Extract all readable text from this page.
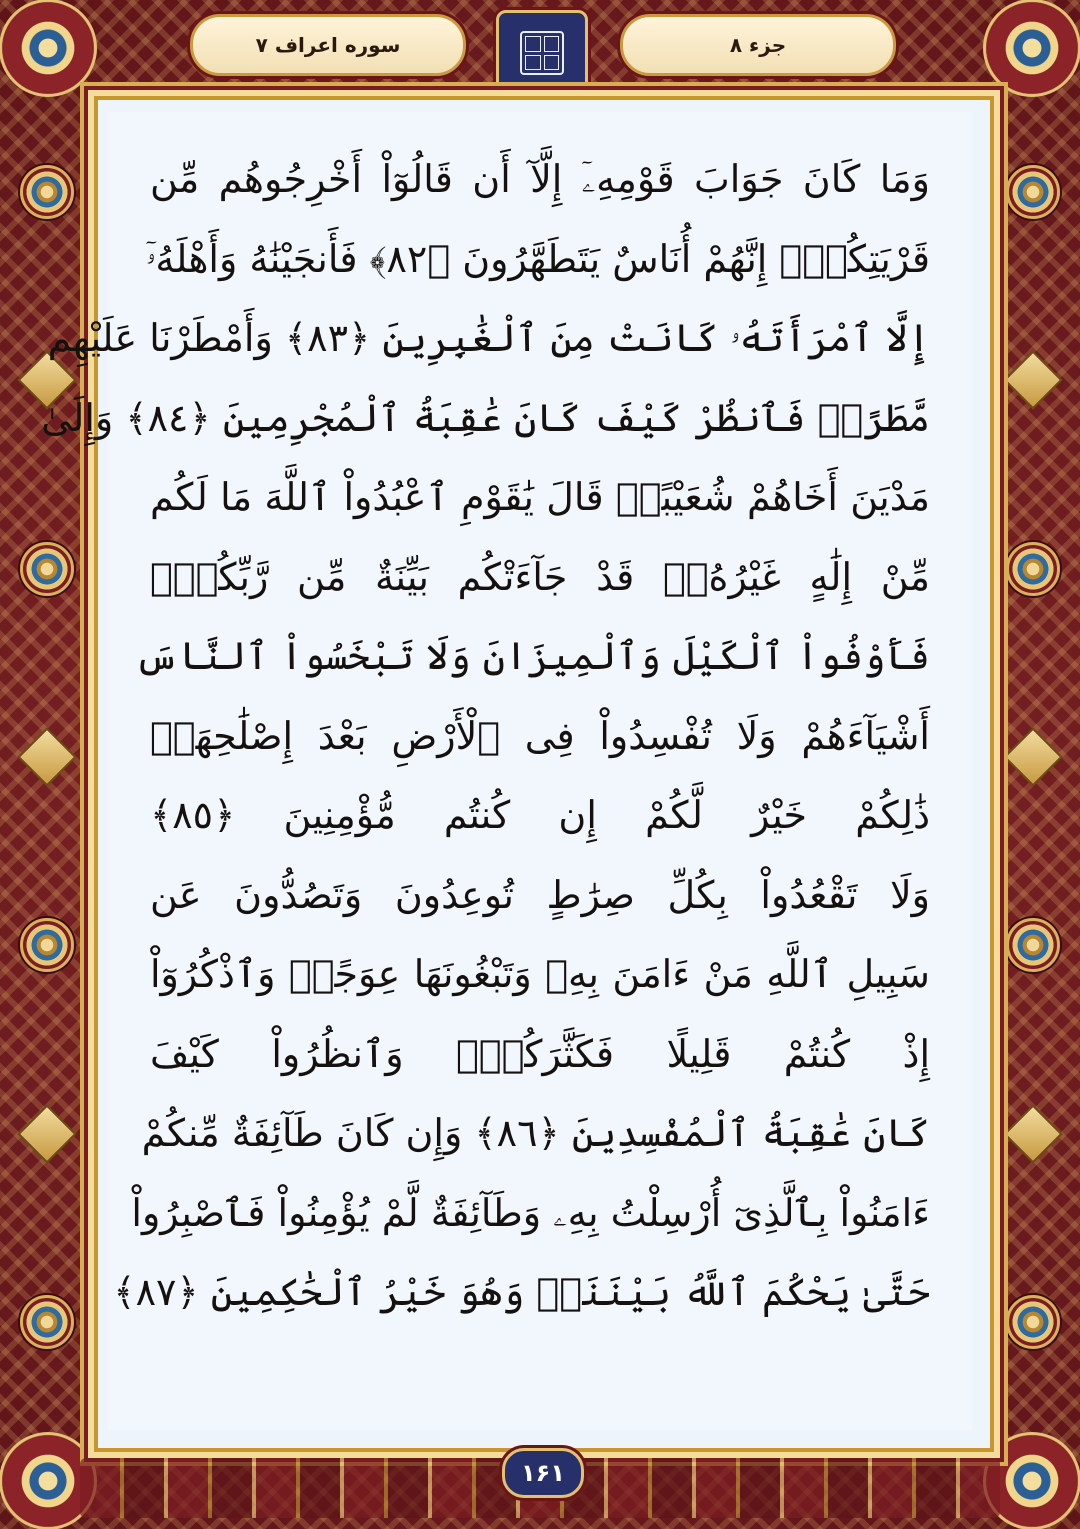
جزء ۸
سوره اعراف ۷
وَمَا كَانَ جَوَابَ قَوْمِهِۦٓ إِلَّآ أَن قَالُوٓاْ أَخْرِجُوهُم مِّن
قَرْيَتِكُمْۖ إِنَّهُمْ أُنَاسٌ يَتَطَهَّرُونَ ﴿٨٢﴾ فَأَنجَيْنَٰهُ وَأَهْلَهُۥٓ
إِلَّا ٱمْرَأَتَهُۥ كَانَتْ مِنَ ٱلْغَٰبِرِينَ ﴿٨٣﴾ وَأَمْطَرْنَا عَلَيْهِم
مَّطَرًاۖ فَٱنظُرْ كَيْفَ كَانَ عَٰقِبَةُ ٱلْمُجْرِمِينَ ﴿٨٤﴾ وَإِلَىٰ
مَدْيَنَ أَخَاهُمْ شُعَيْبًاۗ قَالَ يَٰقَوْمِ ٱعْبُدُواْ ٱللَّهَ مَا لَكُم
مِّنْ إِلَٰهٍ غَيْرُهُۥۖ قَدْ جَآءَتْكُم بَيِّنَةٌ مِّن رَّبِّكُمْۖ
فَأَوْفُواْ ٱلْكَيْلَ وَٱلْمِيزَانَ وَلَا تَبْخَسُواْ ٱلنَّاسَ
أَشْيَآءَهُمْ وَلَا تُفْسِدُواْ فِى ٱلْأَرْضِ بَعْدَ إِصْلَٰحِهَاۚ
ذَٰلِكُمْ خَيْرٌ لَّكُمْ إِن كُنتُم مُّؤْمِنِينَ ﴿٨٥﴾
وَلَا تَقْعُدُواْ بِكُلِّ صِرَٰطٍ تُوعِدُونَ وَتَصُدُّونَ عَن
سَبِيلِ ٱللَّهِ مَنْ ءَامَنَ بِهِۦ وَتَبْغُونَهَا عِوَجًاۚ وَٱذْكُرُوٓاْ
إِذْ كُنتُمْ قَلِيلًا فَكَثَّرَكُمْۖ وَٱنظُرُواْ كَيْفَ
كَانَ عَٰقِبَةُ ٱلْمُفْسِدِينَ ﴿٨٦﴾ وَإِن كَانَ طَآئِفَةٌ مِّنكُمْ
ءَامَنُواْ بِٱلَّذِىٓ أُرْسِلْتُ بِهِۦ وَطَآئِفَةٌ لَّمْ يُؤْمِنُواْ فَٱصْبِرُواْ
حَتَّىٰ يَحْكُمَ ٱللَّهُ بَيْنَنَاۚ وَهُوَ خَيْرُ ٱلْحَٰكِمِينَ ﴿٨٧﴾
۱۶۱
